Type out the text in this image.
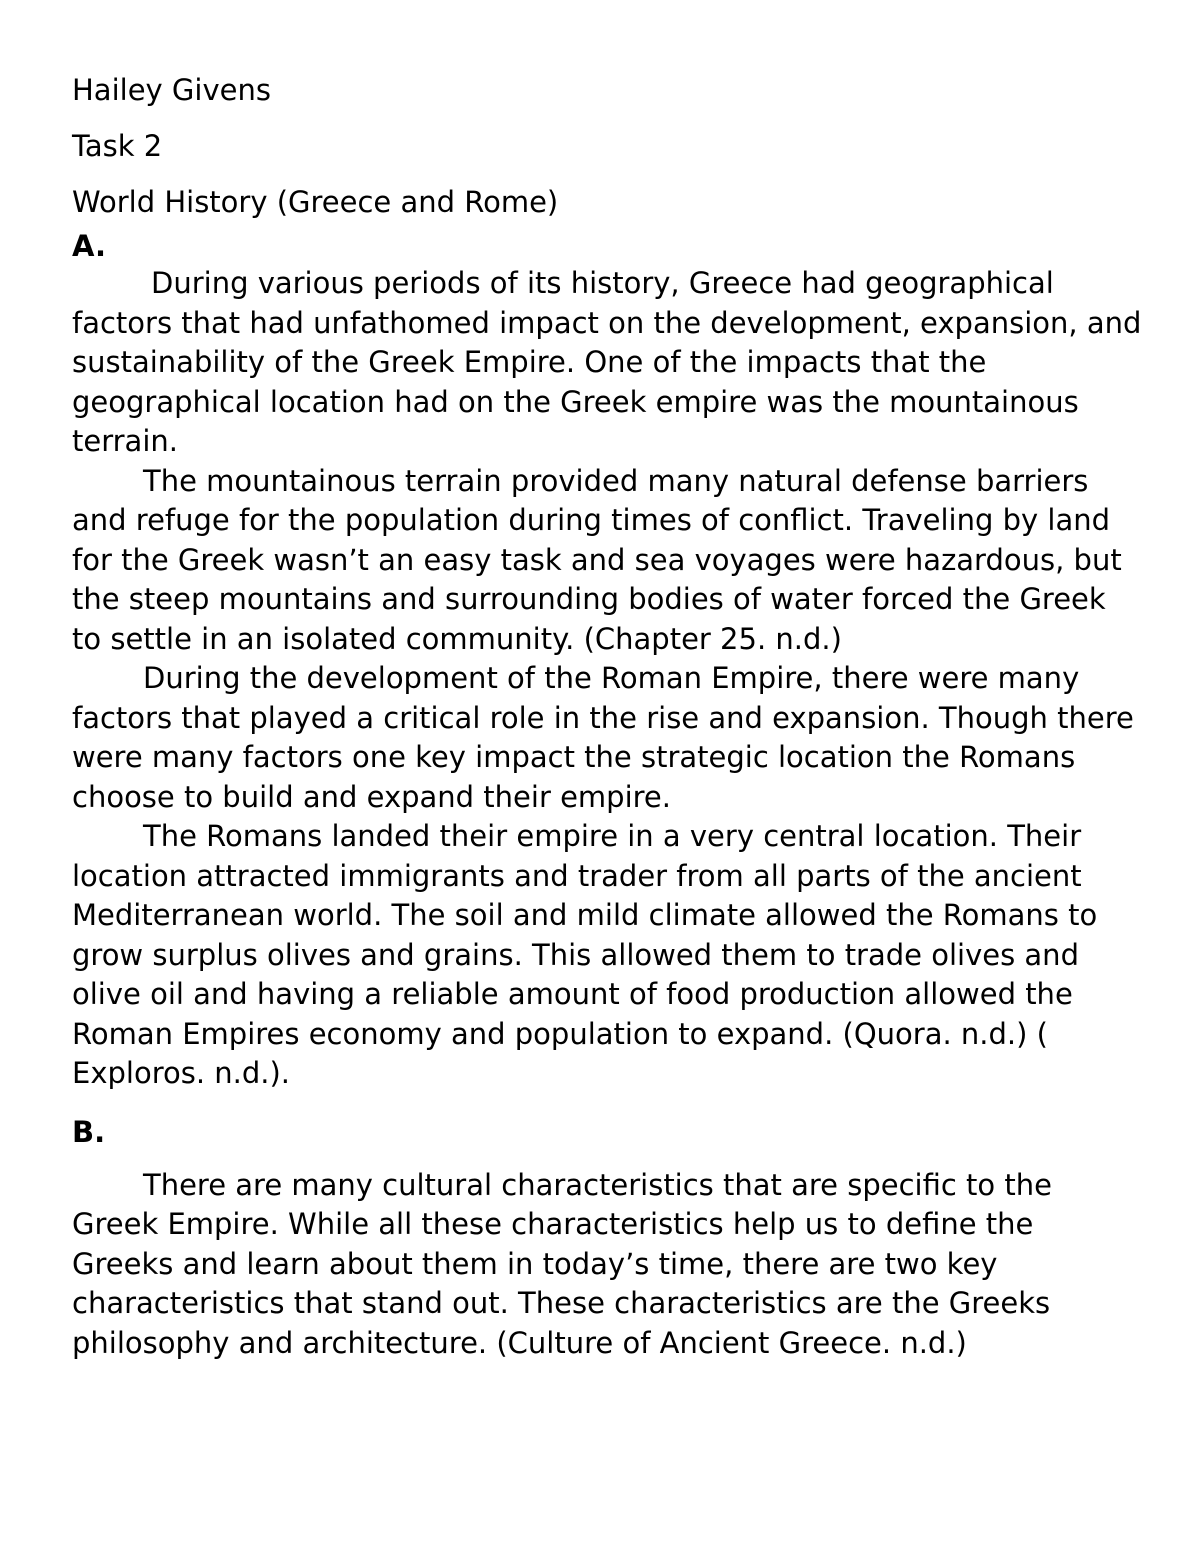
Hailey Givens

Task 2

World History (Greece and Rome)

A.

During various periods of its history, Greece had geographical factors that had unfathomed impact on the development, expansion, and sustainability of the Greek Empire. One of the impacts that the geographical location had on the Greek empire was the mountainous terrain.

The mountainous terrain provided many natural defense barriers and refuge for the population during times of conflict. Traveling by land for the Greek wasn’t an easy task and sea voyages were hazardous, but the steep mountains and surrounding bodies of water forced the Greek to settle in an isolated community. (Chapter 25. n.d.)

During the development of the Roman Empire, there were many factors that played a critical role in the rise and expansion. Though there were many factors one key impact the strategic location the Romans choose to build and expand their empire.

The Romans landed their empire in a very central location. Their location attracted immigrants and trader from all parts of the ancient Mediterranean world. The soil and mild climate allowed the Romans to grow surplus olives and grains. This allowed them to trade olives and olive oil and having a reliable amount of food production allowed the Roman Empires economy and population to expand. (Quora. n.d.) ( Exploros. n.d.).

B.

There are many cultural characteristics that are specific to the Greek Empire. While all these characteristics help us to define the Greeks and learn about them in today’s time, there are two key characteristics that stand out. These characteristics are the Greeks philosophy and architecture. (Culture of Ancient Greece. n.d.)
